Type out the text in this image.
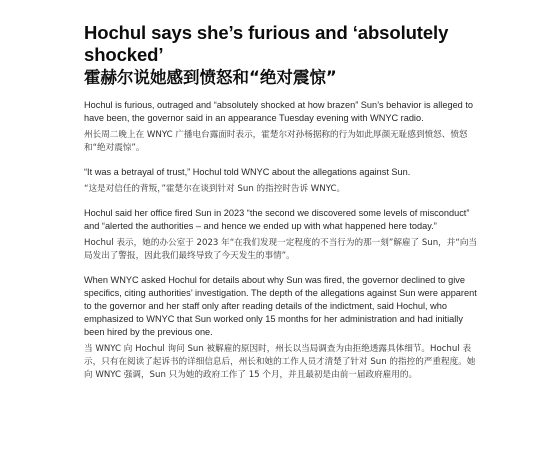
Hochul says she’s furious and ‘absolutely shocked’
霍赫尔说她感到愤怒和“绝对震惊”

Hochul is furious, outraged and “absolutely shocked at how brazen” Sun’s behavior is alleged to have been, the governor said in an appearance Tuesday evening with WNYC radio.

州长周二晚上在 WNYC 广播电台露面时表示，霍楚尔对孙杨据称的行为如此厚颜无耻感到愤怒、愤怒和“绝对震惊”。

“It was a betrayal of trust,” Hochul told WNYC about the allegations against Sun.

“这是对信任的背叛，”霍楚尔在谈到针对 Sun 的指控时告诉 WNYC。

Hochul said her office fired Sun in 2023 “the second we discovered some levels of misconduct” and “alerted the authorities – and hence we ended up with what happened here today.”

Hochul 表示，她的办公室于 2023 年“在我们发现一定程度的不当行为的那一刻”解雇了 Sun，并“向当局发出了警报，因此我们最终导致了今天发生的事情”。

When WNYC asked Hochul for details about why Sun was fired, the governor declined to give specifics, citing authorities’ investigation. The depth of the allegations against Sun were apparent to the governor and her staff only after reading details of the indictment, said Hochul, who emphasized to WNYC that Sun worked only 15 months for her administration and had initially been hired by the previous one.

当 WNYC 向 Hochul 询问 Sun 被解雇的原因时，州长以当局调查为由拒绝透露具体细节。Hochul 表示，只有在阅读了起诉书的详细信息后，州长和她的工作人员才清楚了针对 Sun 的指控的严重程度。她向 WNYC 强调，Sun 只为她的政府工作了 15 个月，并且最初是由前一届政府雇用的。
